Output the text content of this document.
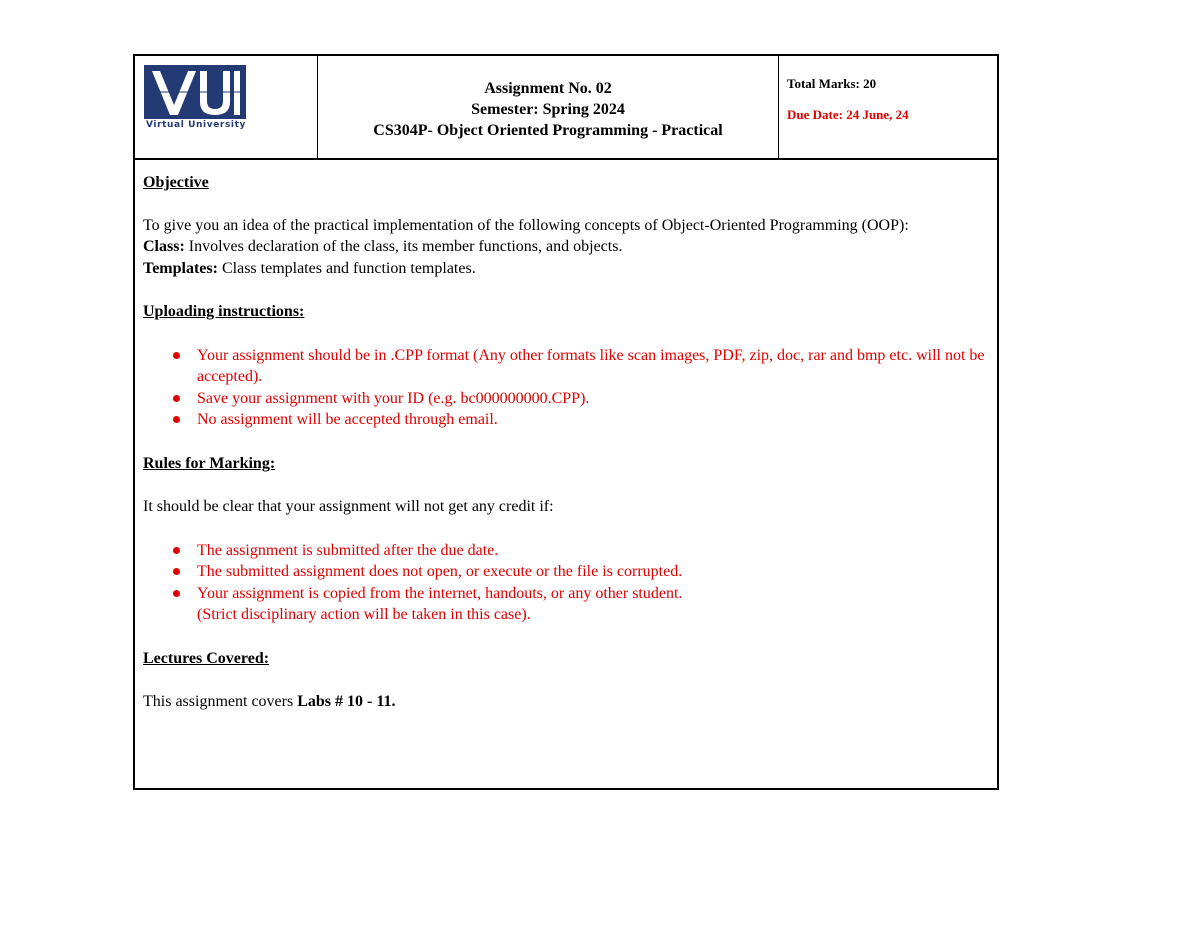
Virtual University
Assignment No. 02
Semester: Spring 2024
CS304P- Object Oriented Programming - Practical
Total Marks: 20
Due Date: 24 June, 24
Objective
To give you an idea of the practical implementation of the following concepts of Object-Oriented Programming (OOP):
Class: Involves declaration of the class, its member functions, and objects.
Templates: Class templates and function templates.
Uploading instructions:
Your assignment should be in .CPP format (Any other formats like scan images, PDF, zip, doc, rar and bmp etc. will not be accepted).
Save your assignment with your ID (e.g. bc000000000.CPP).
No assignment will be accepted through email.
Rules for Marking:
It should be clear that your assignment will not get any credit if:
The assignment is submitted after the due date.
The submitted assignment does not open, or execute or the file is corrupted.
Your assignment is copied from the internet, handouts, or any other student.
(Strict disciplinary action will be taken in this case).
Lectures Covered:
This assignment covers Labs # 10 - 11.
